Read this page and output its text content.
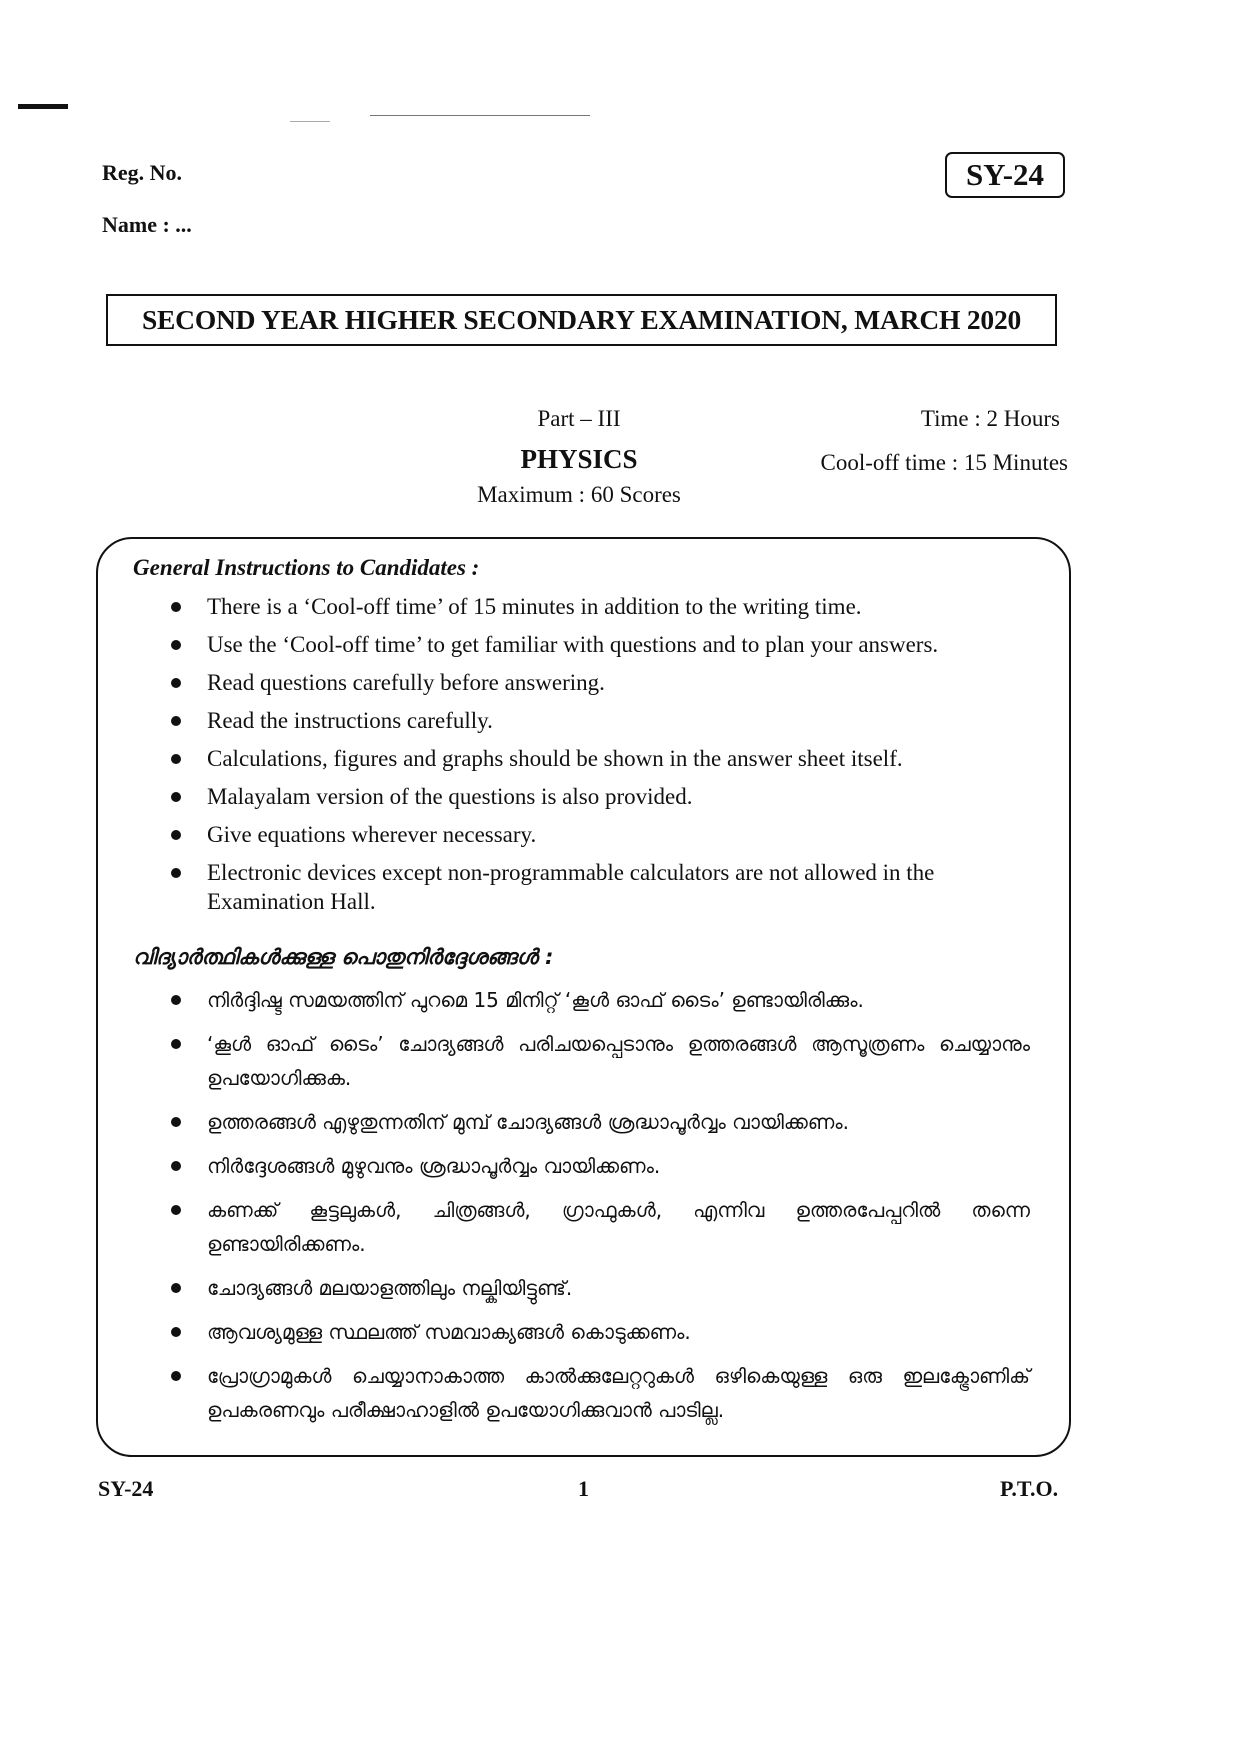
Reg. No.
Name : ...
SY-24
SECOND YEAR HIGHER SECONDARY EXAMINATION, MARCH 2020
Part – III
PHYSICS
Maximum : 60 Scores
Time : 2 Hours
Cool-off time : 15 Minutes
General Instructions to Candidates :
There is a ‘Cool-off time’ of 15 minutes in addition to the writing time.
Use the ‘Cool-off time’ to get familiar with questions and to plan your answers.
Read questions carefully before answering.
Read the instructions carefully.
Calculations, figures and graphs should be shown in the answer sheet itself.
Malayalam version of the questions is also provided.
Give equations wherever necessary.
Electronic devices except non-programmable calculators are not allowed in the Examination Hall.
വിദ്യാർത്ഥികൾക്കുള്ള പൊതുനിർദ്ദേശങ്ങൾ :
നിർദ്ദിഷ്ട സമയത്തിന് പുറമെ 15 മിനിറ്റ് ‘കൂൾ ഓഫ് ടൈം’ ഉണ്ടായിരിക്കും.
‘കൂൾ ഓഫ് ടൈം’ ചോദ്യങ്ങൾ പരിചയപ്പെടാനും ഉത്തരങ്ങൾ ആസൂത്രണം ചെയ്യാനും ഉപയോഗിക്കുക.
ഉത്തരങ്ങൾ എഴുതുന്നതിന് മുമ്പ് ചോദ്യങ്ങൾ ശ്രദ്ധാപൂർവ്വം വായിക്കണം.
നിർദ്ദേശങ്ങൾ മുഴുവനും ശ്രദ്ധാപൂർവ്വം വായിക്കണം.
കണക്ക് കൂട്ടലുകൾ, ചിത്രങ്ങൾ, ഗ്രാഫുകൾ, എന്നിവ ഉത്തരപേപ്പറിൽ തന്നെ ഉണ്ടായിരിക്കണം.
ചോദ്യങ്ങൾ മലയാളത്തിലും നല്കിയിട്ടുണ്ട്.
ആവശ്യമുള്ള സ്ഥലത്ത് സമവാക്യങ്ങൾ കൊടുക്കണം.
പ്രോഗ്രാമുകൾ ചെയ്യാനാകാത്ത കാൽക്കുലേറ്ററുകൾ ഒഴികെയുള്ള ഒരു ഇലക്ട്രോണിക് ഉപകരണവും പരീക്ഷാഹാളിൽ ഉപയോഗിക്കുവാൻ പാടില്ല.
SY-24	1	P.T.O.
